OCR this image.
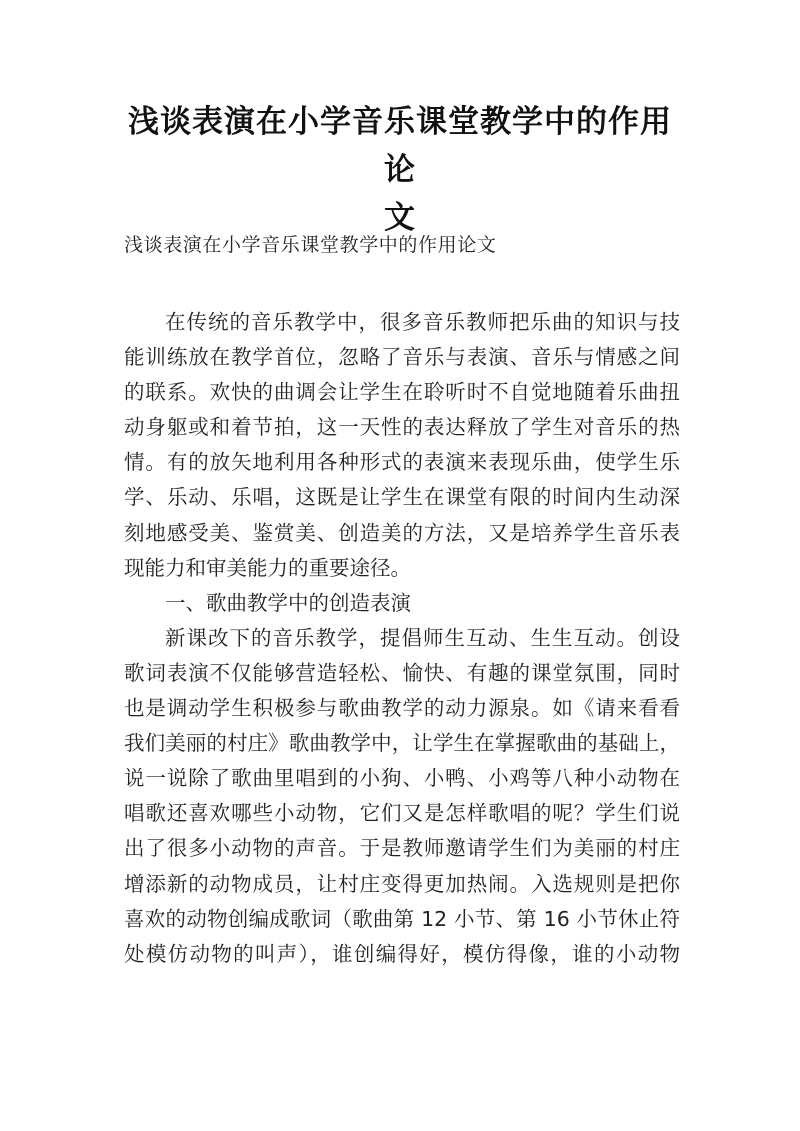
浅谈表演在小学音乐课堂教学中的作用论
文

浅谈表演在小学音乐课堂教学中的作用论文

在传统的音乐教学中，很多音乐教师把乐曲的知识与技
能训练放在教学首位，忽略了音乐与表演、音乐与情感之间
的联系。欢快的曲调会让学生在聆听时不自觉地随着乐曲扭
动身躯或和着节拍，这一天性的表达释放了学生对音乐的热
情。有的放矢地利用各种形式的表演来表现乐曲，使学生乐
学、乐动、乐唱，这既是让学生在课堂有限的时间内生动深
刻地感受美、鉴赏美、创造美的方法，又是培养学生音乐表
现能力和审美能力的重要途径。
一、歌曲教学中的创造表演
新课改下的音乐教学，提倡师生互动、生生互动。创设
歌词表演不仅能够营造轻松、愉快、有趣的课堂氛围，同时
也是调动学生积极参与歌曲教学的动力源泉。如《请来看看
我们美丽的村庄》歌曲教学中，让学生在掌握歌曲的基础上，
说一说除了歌曲里唱到的小狗、小鸭、小鸡等八种小动物在
唱歌还喜欢哪些小动物，它们又是怎样歌唱的呢？学生们说
出了很多小动物的声音。于是教师邀请学生们为美丽的村庄
增添新的动物成员，让村庄变得更加热闹。入选规则是把你
喜欢的动物创编成歌词（歌曲第 12 小节、第 16 小节休止符
处模仿动物的叫声），谁创编得好，模仿得像，谁的小动物
